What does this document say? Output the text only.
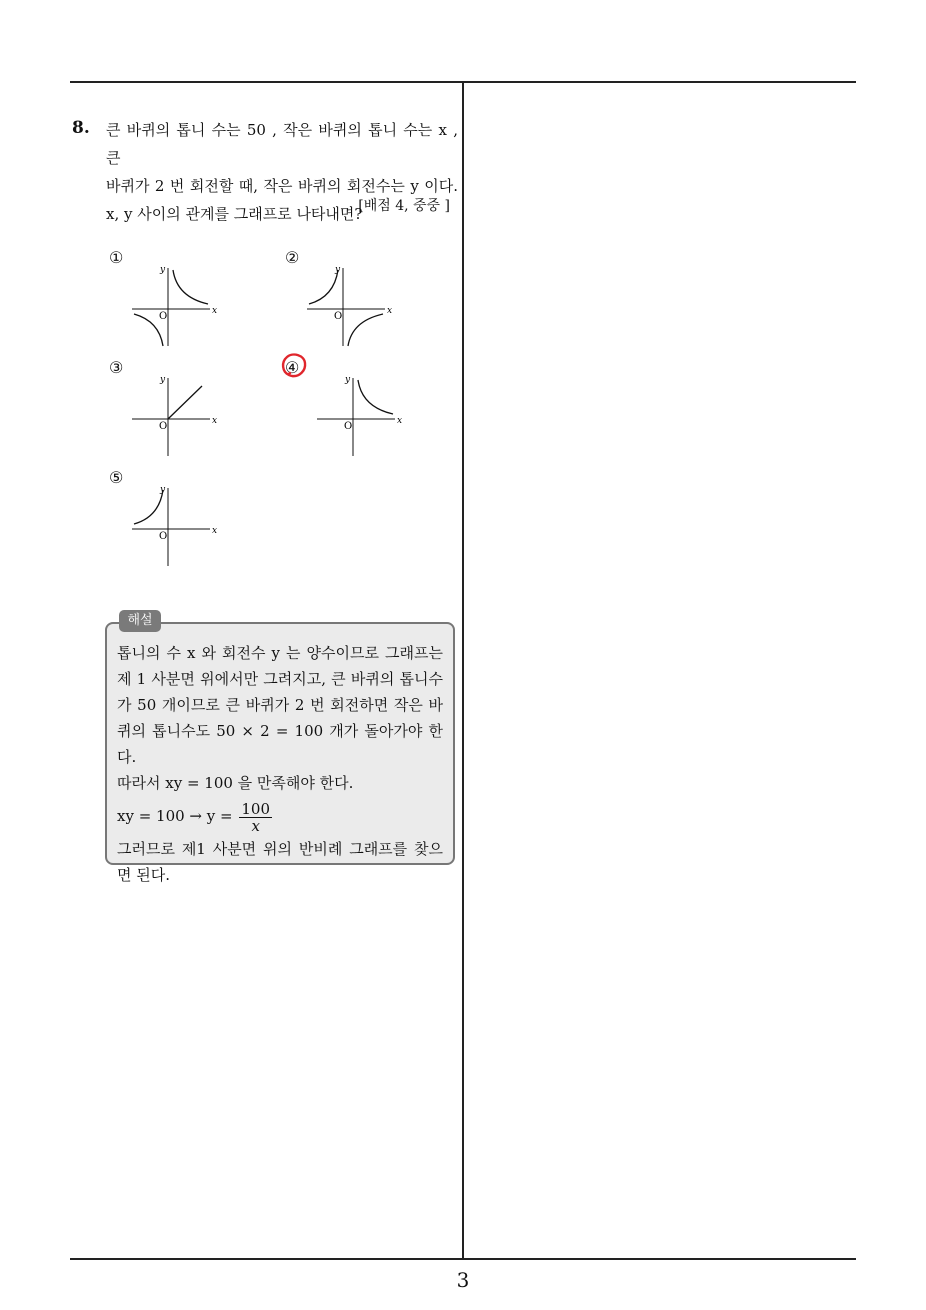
8. 큰 바퀴의 톱니 수는 50 , 작은 바퀴의 톱니 수는 x , 큰
바퀴가 2 번 회전할 때, 작은 바퀴의 회전수는 y 이다.
x, y 사이의 관계를 그래프로 나타내면?
[배점 4, 중중 ]
①
x
y
O
②
x
y
O
③
x
y
O
④
x
y
O
⑤
x
y
O
해설
톱니의 수 x 와 회전수 y 는 양수이므로 그래프는
제 1 사분면 위에서만 그려지고, 큰 바퀴의 톱니수
가 50 개이므로 큰 바퀴가 2 번 회전하면 작은 바
퀴의 톱니수도 50 × 2 = 100 개가 돌아가야 한다.
따라서 xy = 100 을 만족해야 한다.
xy = $100 \to y = \frac{100}{x}$
그러므로 제1 사분면 위의 반비례 그래프를 찾으
면 된다.
3
